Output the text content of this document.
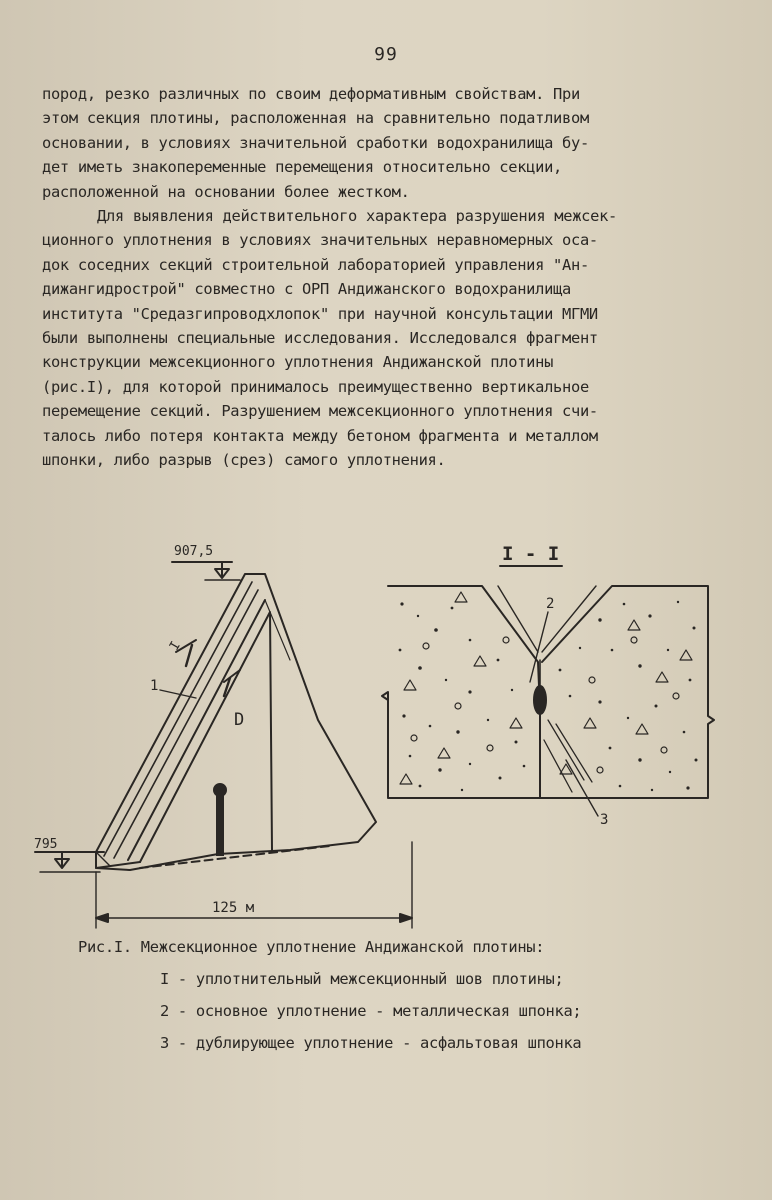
99
пород, резко различных по своим деформативным свойствам. При
этом секция плотины, расположенная на сравнительно податливом
основании, в условиях значительной сработки водохранилища бу-
дет иметь знакопеременные перемещения относительно секции,
расположенной на основании более жестком.
Для выявления действительного характера разрушения межсек-
ционного уплотнения в условиях значительных неравномерных оса-
док соседних секций строительной лабораторией управления "Ан-
дижангидрострой" совместно с ОРП Андижанского водохранилища
института "Средазгипроводхлопок" при научной консультации МГМИ
были выполнены специальные исследования. Исследовался фрагмент
конструкции межсекционного уплотнения Андижанской плотины
(рис.I), для которой принималось преимущественно вертикальное
перемещение секций. Разрушением межсекционного уплотнения счи-
талось либо потеря контакта между бетоном фрагмента и металлом
шпонки, либо разрыв (срез) самого уплотнения.
907,5
D
I
1
795
125 м
I - I
2
3
Рис.I. Межсекционное уплотнение Андижанской плотины:
I - уплотнительный межсекционный шов плотины;
2 - основное уплотнение - металлическая шпонка;
3 - дублирующее уплотнение - асфальтовая шпонка
